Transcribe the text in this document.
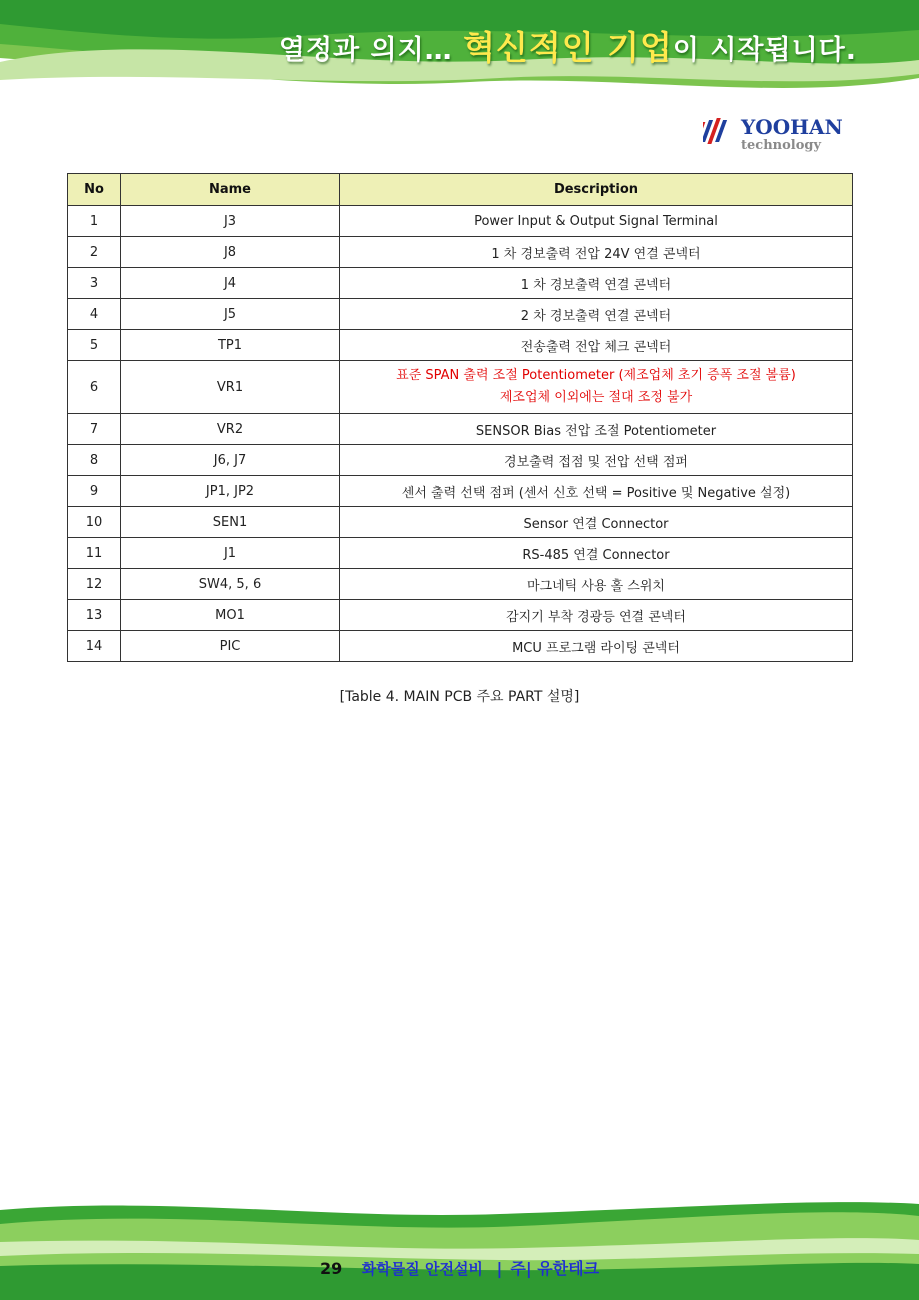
열정과 의지… 혁신적인 기업이 시작됩니다.
YOOHAN
technology
No	Name	Description
1	J3	Power Input & Output Signal Terminal
2	J8	1 차 경보출력 전압 24V 연결 콘넥터
3	J4	1 차 경보출력 연결 콘넥터
4	J5	2 차 경보출력 연결 콘넥터
5	TP1	전송출력 전압 체크 콘넥터
6	VR1	표준 SPAN 출력 조절 Potentiometer (제조업체 초기 증폭 조절 볼륨)
제조업체 이외에는 절대 조정 불가

7	VR2	SENSOR Bias 전압 조절 Potentiometer
8	J6, J7	경보출력 접점 및 전압 선택 점퍼
9	JP1, JP2	센서 출력 선택 점퍼 (센서 신호 선택 = Positive 및 Negative 설정)
10	SEN1	Sensor 연결 Connector
11	J1	RS-485 연결 Connector
12	SW4, 5, 6	마그네틱 사용 홀 스위치
13	MO1	감지기 부착 경광등 연결 콘넥터
14	PIC	MCU 프로그램 라이팅 콘넥터
[Table 4. MAIN PCB 주요 PART 설명]
29 화학물질 안전설비 | 주| 유한테크
